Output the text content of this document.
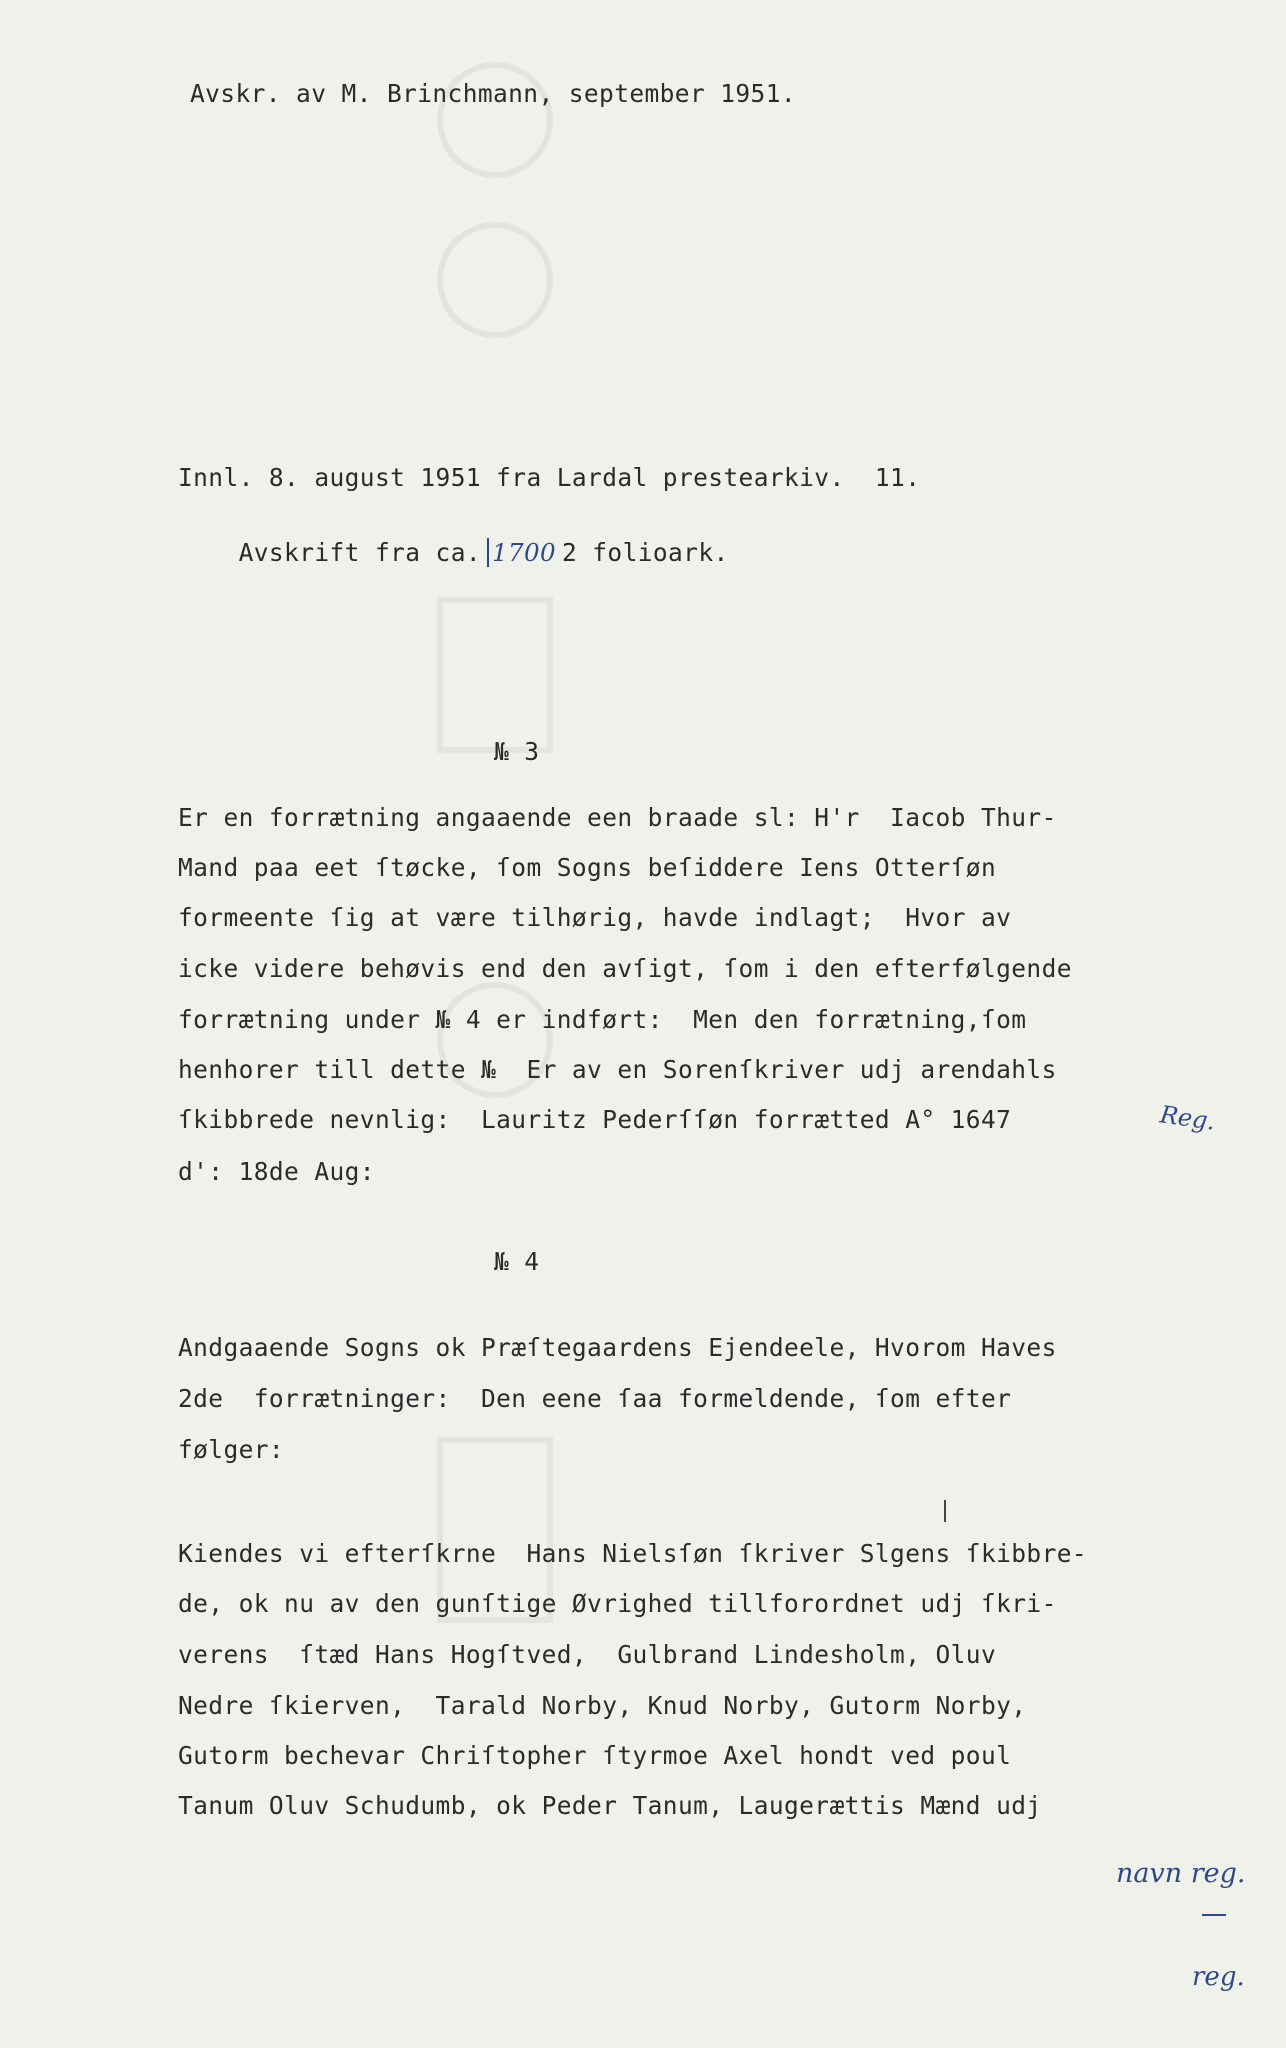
Avskr. av M. Brinchmann, september 1951.
Innl. 8. august 1951 fra Lardal prestearkiv.  11.

Avskrift fra ca. 1700 2 folioark.

№ 3
Er en forrætning angaaende een braade sl: H'r  Iacob Thur-
Mand paa eet ſtøcke, ſom Sogns beſiddere Iens Otterſøn
formeente ſig at være tilhørig, havde indlagt;  Hvor av
icke videre behøvis end den avſigt, ſom i den efterfølgende
forrætning under № 4 er indført:  Men den forrætning,ſom
henhorer till dette №  Er av en Sorenſkriver udj arendahls
ſkibbrede nevnlig:  Lauritz Pederſſøn forrætted A° 1647
d': 18de Aug:
№ 4
Andgaaende Sogns ok Præſtegaardens Ejendeele, Hvorom Haves
2de  forrætninger:  Den eene ſaa formeldende, ſom efter
følger:
Kiendes vi efterſkrne  Hans Nielsſøn ſkriver Slgens ſkibbre-
de, ok nu av den gunſtige Øvrighed tillforordnet udj ſkri-
verens  ſtæd Hans Hogſtved,  Gulbrand Lindesholm, Oluv
Nedre ſkierven,  Tarald Norby, Knud Norby, Gutorm Norby,
Gutorm bechevar Chriſtopher ſtyrmoe Axel hondt ved poul
Tanum Oluv Schudumb, ok Peder Tanum, Laugerættis Mænd udj
Reg.
navn reg.
reg.
